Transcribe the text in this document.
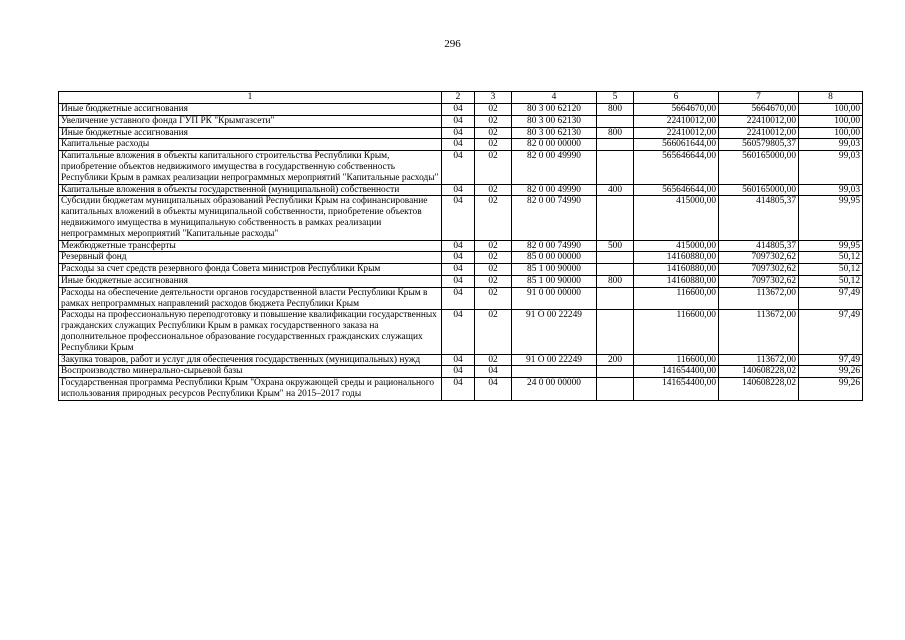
296
1	2	3	4	5	6	7	8
Иные бюджетные ассигнования	04	02	80 3 00 62120	800	5664670,00	5664670,00	100,00
Увеличение уставного фонда ГУП РК "Крымгазсети"	04	02	80 3 00 62130		22410012,00	22410012,00	100,00
Иные бюджетные ассигнования	04	02	80 3 00 62130	800	22410012,00	22410012,00	100,00
Капитальные расходы	04	02	82 0 00 00000		566061644,00	560579805,37	99,03
Капитальные вложения в объекты капитального строительства Республики Крым, приобретение объектов недвижимого имущества в государственную собственность Республики Крым в рамках реализации непрограммных мероприятий "Капитальные расходы"	04	02	82 0 00 49990		565646644,00	560165000,00	99,03
Капитальные вложения в объекты государственной (муниципальной) собственности	04	02	82 0 00 49990	400	565646644,00	560165000,00	99,03
Субсидии бюджетам муниципальных образований Республики Крым на софинансирование капитальных вложений в объекты муниципальной собственности, приобретение объектов недвижимого имущества в муниципальную собственность в рамках реализации непрограммных мероприятий "Капитальные расходы"	04	02	82 0 00 74990		415000,00	414805,37	99,95
Межбюджетные трансферты	04	02	82 0 00 74990	500	415000,00	414805,37	99,95
Резервный фонд	04	02	85 0 00 00000		14160880,00	7097302,62	50,12
Расходы за счет средств резервного фонда Совета министров Республики Крым	04	02	85 1 00 90000		14160880,00	7097302,62	50,12
Иные бюджетные ассигнования	04	02	85 1 00 90000	800	14160880,00	7097302,62	50,12
Расходы на обеспечение деятельности органов государственной власти Республики Крым в рамках непрограммных направлений расходов бюджета Республики Крым	04	02	91 0 00 00000		116600,00	113672,00	97,49
Расходы на профессиональную переподготовку и повышение квалификации государственных гражданских служащих Республики Крым в рамках государственного заказа на дополнительное профессиональное образование государственных гражданских служащих Республики Крым	04	02	91 О 00 22249		116600,00	113672,00	97,49
Закупка товаров, работ и услуг для обеспечения государственных (муниципальных) нужд	04	02	91 О 00 22249	200	116600,00	113672,00	97,49
Воспроизводство минерально-сырьевой базы	04	04			141654400,00	140608228,02	99,26
Государственная программа Республики Крым "Охрана окружающей среды и рационального использования природных ресурсов Республики Крым" на 2015–2017 годы	04	04	24 0 00 00000		141654400,00	140608228,02	99,26
